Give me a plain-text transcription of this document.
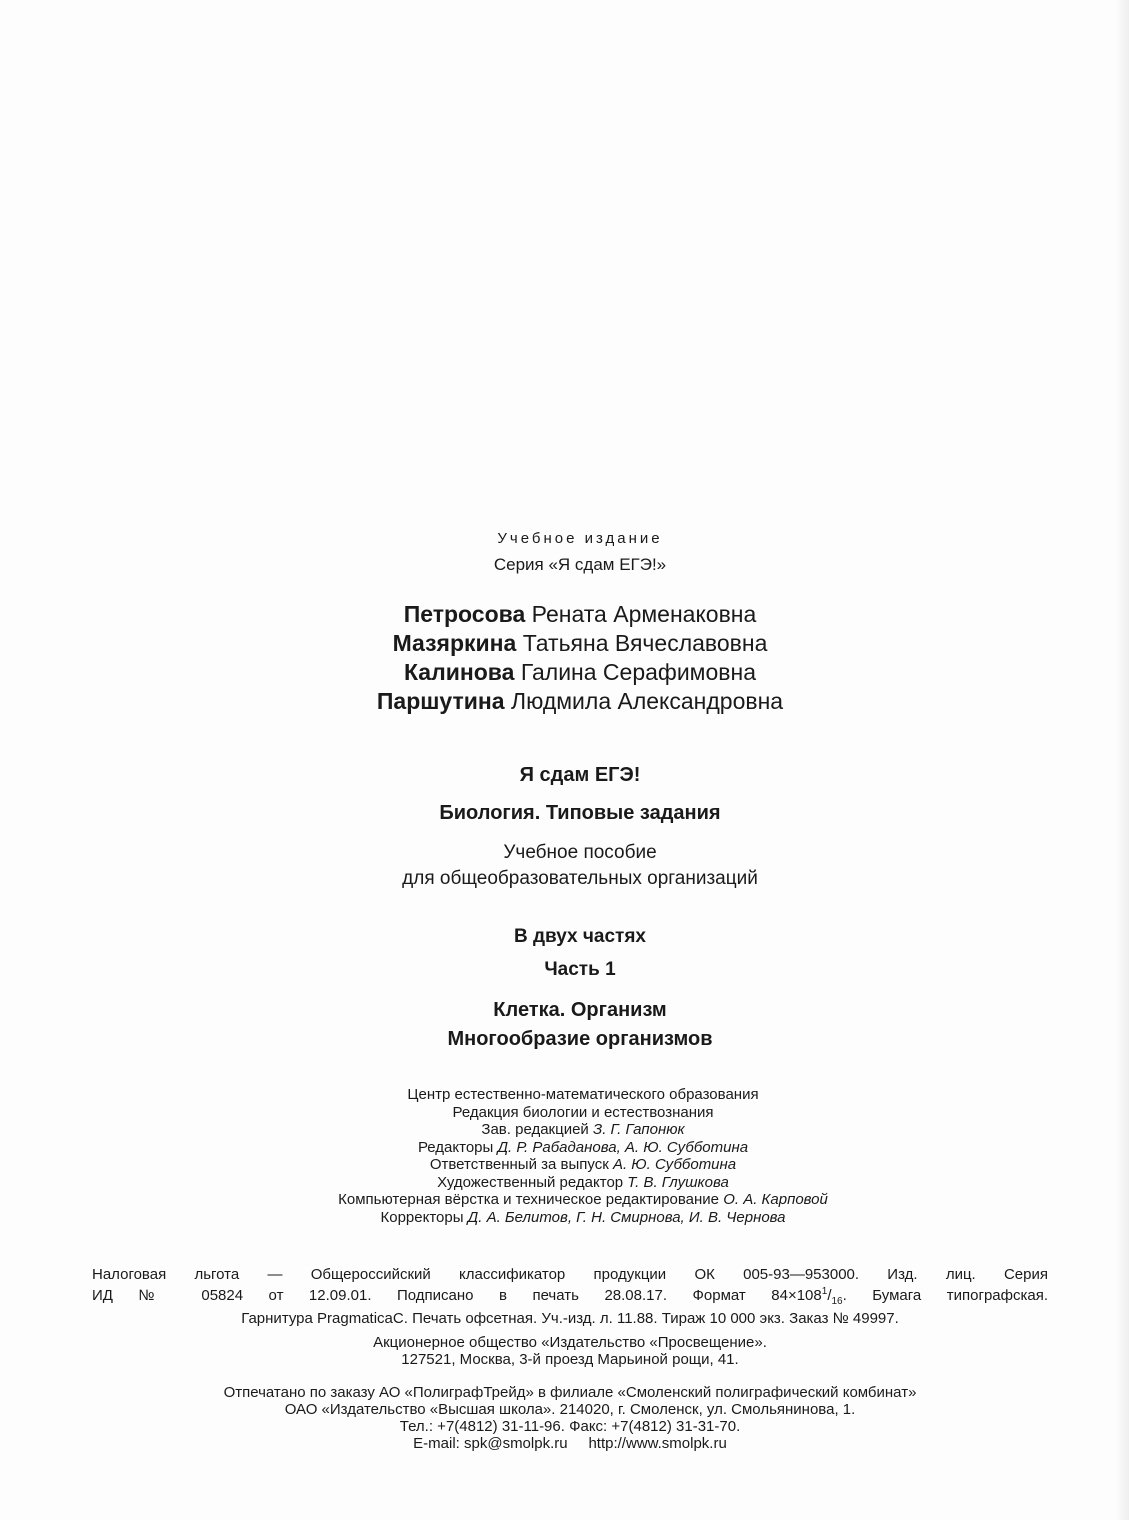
Учебное издание
Серия «Я сдам ЕГЭ!»
Петросова Рената Арменаковна
Мазяркина Татьяна Вячеславовна
Калинова Галина Серафимовна
Паршутина Людмила Александровна
Я сдам ЕГЭ!
Биология. Типовые задания
Учебное пособие
для общеобразовательных организаций
В двух частях
Часть 1
Клетка. Организм
Многообразие организмов
Центр естественно-математического образования
Редакция биологии и естествознания
Зав. редакцией З. Г. Гапонюк
Редакторы Д. Р. Рабаданова, А. Ю. Субботина
Ответственный за выпуск А. Ю. Субботина
Художественный редактор Т. В. Глушкова
Компьютерная вёрстка и техническое редактирование О. А. Карповой
Корректоры Д. А. Белитов, Г. Н. Смирнова, И. В. Чернова
Налоговая льгота — Общероссийский классификатор продукции ОК 005-93—953000. Изд. лиц. Серия
ИД № 05824 от 12.09.01. Подписано в печать 28.08.17. Формат $84\times 108^1/_{16}$. Бумага типографская.
Гарнитура PragmaticaC. Печать офсетная. Уч.-изд. л. 11.88. Тираж 10 000 экз. Заказ № 49997.
Акционерное общество «Издательство «Просвещение».
127521, Москва, 3-й проезд Марьиной рощи, 41.
Отпечатано по заказу АО «ПолиграфТрейд» в филиале «Смоленский полиграфический комбинат»
ОАО «Издательство «Высшая школа». 214020, г. Смоленск, ул. Смольянинова, 1.
Тел.: +7(4812) 31-11-96. Факс: +7(4812) 31-31-70.
E-mail: spk@smolpk.ru http://www.smolpk.ru
